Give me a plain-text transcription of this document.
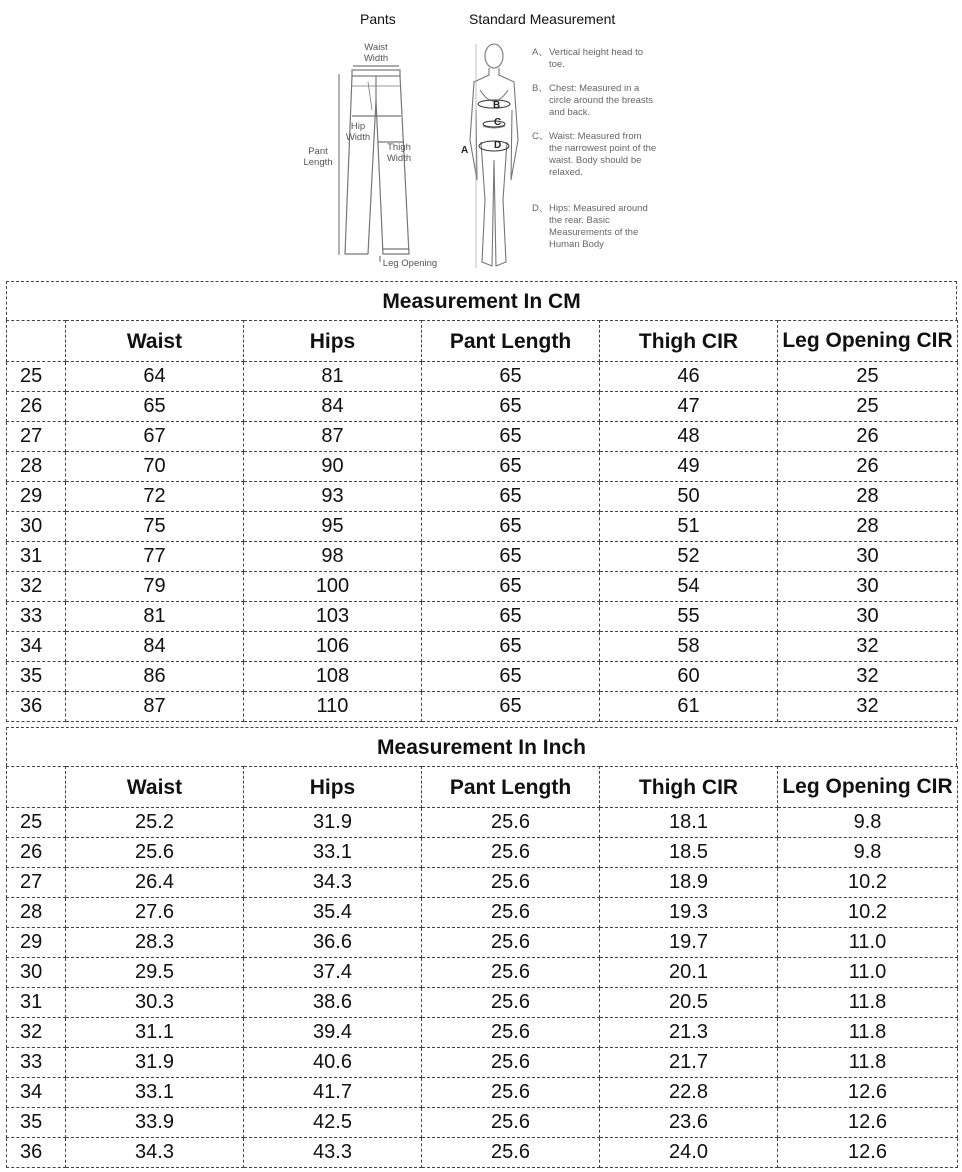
Pants	Standard Measurement
Waist Width
Hip Width
Pant Length
Thigh Width
Leg Opening
A
B
C
D
A、 Vertical height head to toe.
B、 Chest: Measured in a circle around the breasts and back.
C、 Waist: Measured from the narrowest point of the waist. Body should be relaxed.
D、 Hips: Measured around the rear. Basic Measurements of the Human Body
Measurement In CM
	Waist	Hips	Pant Length	Thigh CIR	Leg Opening CIR
25	64	81	65	46	25
26	65	84	65	47	25
27	67	87	65	48	26
28	70	90	65	49	26
29	72	93	65	50	28
30	75	95	65	51	28
31	77	98	65	52	30
32	79	100	65	54	30
33	81	103	65	55	30
34	84	106	65	58	32
35	86	108	65	60	32
36	87	110	65	61	32
Measurement In Inch
	Waist	Hips	Pant Length	Thigh CIR	Leg Opening CIR
25	25.2	31.9	25.6	18.1	9.8
26	25.6	33.1	25.6	18.5	9.8
27	26.4	34.3	25.6	18.9	10.2
28	27.6	35.4	25.6	19.3	10.2
29	28.3	36.6	25.6	19.7	11.0
30	29.5	37.4	25.6	20.1	11.0
31	30.3	38.6	25.6	20.5	11.8
32	31.1	39.4	25.6	21.3	11.8
33	31.9	40.6	25.6	21.7	11.8
34	33.1	41.7	25.6	22.8	12.6
35	33.9	42.5	25.6	23.6	12.6
36	34.3	43.3	25.6	24.0	12.6
